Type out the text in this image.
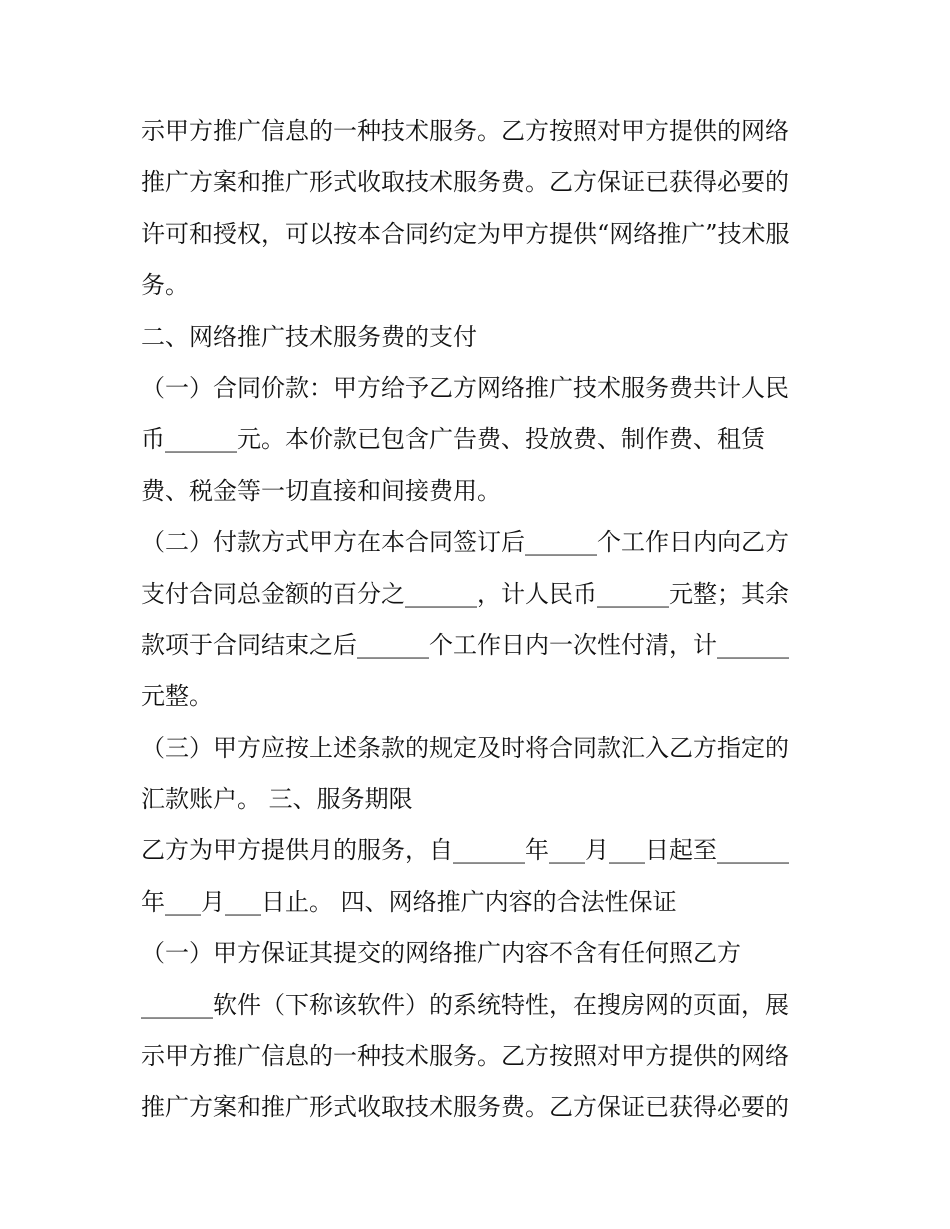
示甲方推广信息的一种技术服务。乙方按照对甲方提供的网络
推广方案和推广形式收取技术服务费。乙方保证已获得必要的
许可和授权，可以按本合同约定为甲方提供“网络推广”技术服
务。
二、网络推广技术服务费的支付
（一）合同价款：甲方给予乙方网络推广技术服务费共计人民
币______元。本价款已包含广告费、投放费、制作费、租赁
费、税金等一切直接和间接费用。
（二）付款方式甲方在本合同签订后______个工作日内向乙方
支付合同总金额的百分之______，计人民币______元整；其余
款项于合同结束之后______个工作日内一次性付清，计______
元整。
（三）甲方应按上述条款的规定及时将合同款汇入乙方指定的
汇款账户。 三、服务期限
乙方为甲方提供月的服务，自______年___月___日起至______
年___月___日止。 四、网络推广内容的合法性保证
（一）甲方保证其提交的网络推广内容不含有任何照乙方
______软件（下称该软件）的系统特性，在搜房网的页面，展
示甲方推广信息的一种技术服务。乙方按照对甲方提供的网络
推广方案和推广形式收取技术服务费。乙方保证已获得必要的
